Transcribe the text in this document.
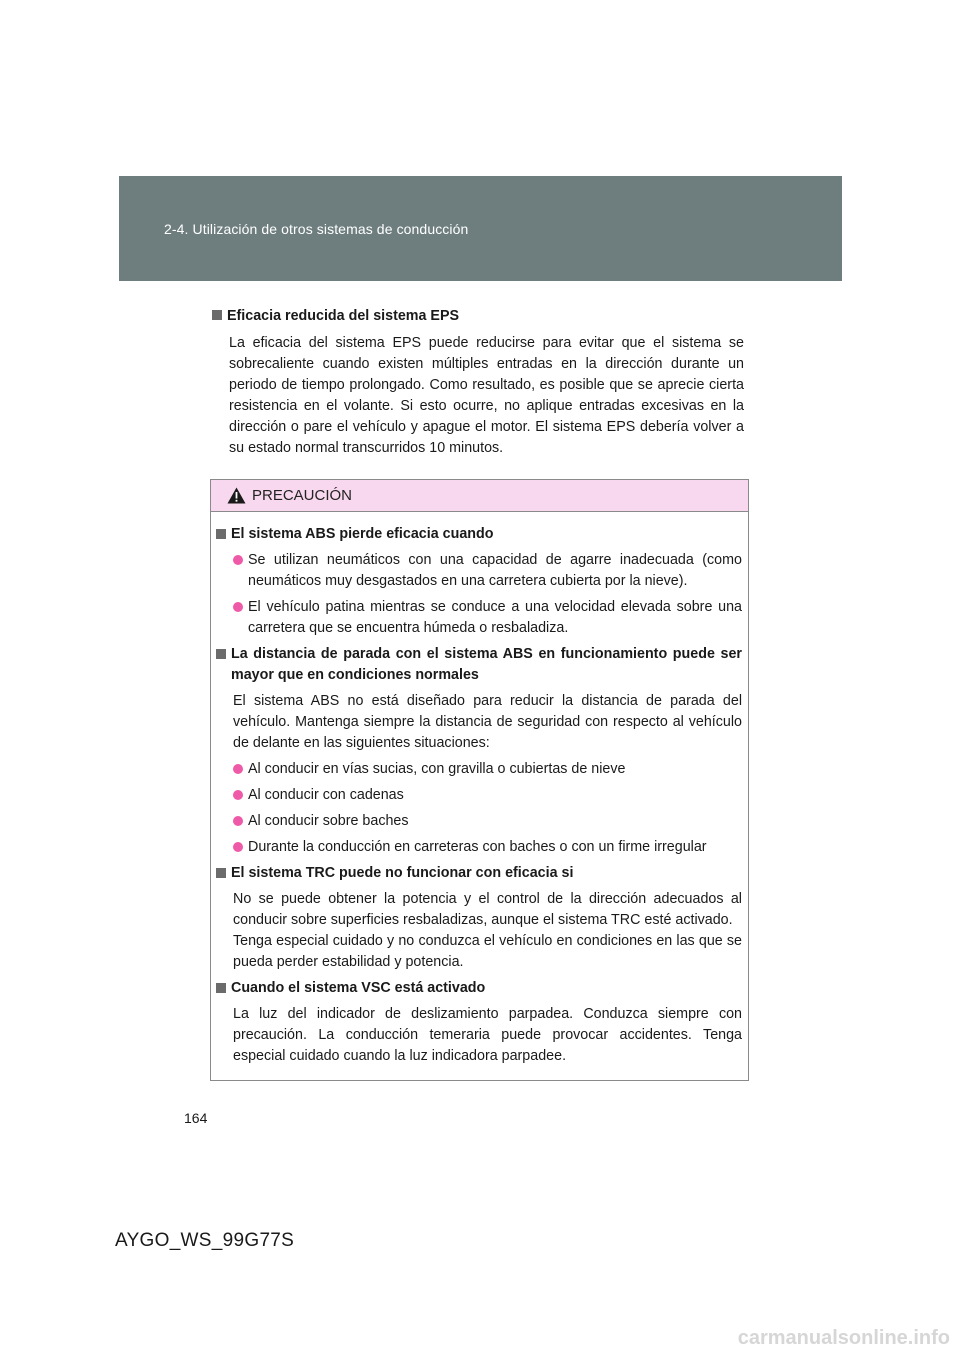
2-4. Utilización de otros sistemas de conducción
Eficacia reducida del sistema EPS
La eficacia del sistema EPS puede reducirse para evitar que el sistema se sobrecaliente cuando existen múltiples entradas en la dirección durante un periodo de tiempo prolongado. Como resultado, es posible que se aprecie cierta resistencia en el volante. Si esto ocurre, no aplique entradas excesivas en la dirección o pare el vehículo y apague el motor. El sistema EPS debería volver a su estado normal transcurridos 10 minutos.
PRECAUCIÓN
El sistema ABS pierde eficacia cuando
Se utilizan neumáticos con una capacidad de agarre inadecuada (como neumáticos muy desgastados en una carretera cubierta por la nieve).
El vehículo patina mientras se conduce a una velocidad elevada sobre una carretera que se encuentra húmeda o resbaladiza.
La distancia de parada con el sistema ABS en funcionamiento puede ser mayor que en condiciones normales
El sistema ABS no está diseñado para reducir la distancia de parada del vehículo. Mantenga siempre la distancia de seguridad con respecto al vehículo de delante en las siguientes situaciones:
Al conducir en vías sucias, con gravilla o cubiertas de nieve
Al conducir con cadenas
Al conducir sobre baches
Durante la conducción en carreteras con baches o con un firme irregular
El sistema TRC puede no funcionar con eficacia si
No se puede obtener la potencia y el control de la dirección adecuados al conducir sobre superficies resbaladizas, aunque el sistema TRC esté activado.
Tenga especial cuidado y no conduzca el vehículo en condiciones en las que se pueda perder estabilidad y potencia.
Cuando el sistema VSC está activado
La luz del indicador de deslizamiento parpadea. Conduzca siempre con precaución. La conducción temeraria puede provocar accidentes. Tenga especial cuidado cuando la luz indicadora parpadee.
164
AYGO_WS_99G77S
carmanualsonline.info
